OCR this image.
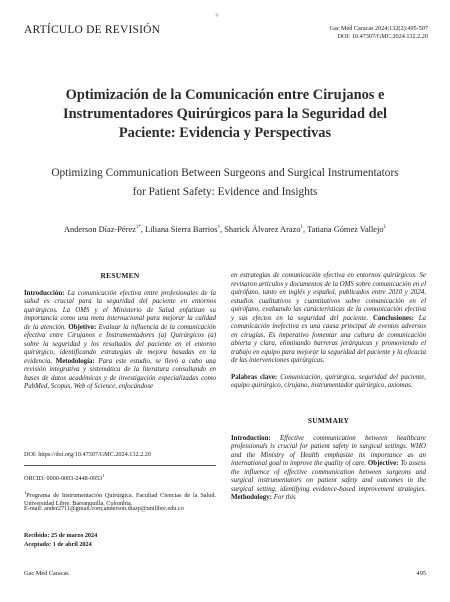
ARTÍCULO DE REVISIÓN
®
Gac Méd Caracas 2024;132(2):495-507
DOI: 10.47307/GMC.2024.132.2.20
Optimización de la Comunicación entre Cirujanos e
Instrumentadores Quirúrgicos para la Seguridad del
Paciente: Evidencia y Perspectivas
Optimizing Communication Between Surgeons and Surgical Instrumentators
for Patient Safety: Evidence and Insights
Anderson Díaz-Pérez$^{1*}$, Liliana Sierra Barrios$^1$, Sharick Álvarez Arazo$^1$, Tatiana Gómez Vallejo$^1$
RESUMEN
Introducción: La comunicación efectiva entre profesionales de la salud es crucial para la seguridad del paciente en entornos quirúrgicos. La OMS y el Ministerio de Salud enfatizan su importancia como una meta internacional para mejorar la calidad de la atención. Objetivo: Evaluar la influencia de la comunicación efectiva entre Cirujanos e Instrumentadores (a) Quirúrgicos (a) sobre la seguridad y los resultados del paciente en el entorno quirúrgico, identificando estrategias de mejora basadas en la evidencia. Metodología: Para este estudio, se llevó a cabo una revisión integrativa y sistemática de la literatura consultando en bases de datos académicas y de investigación especializadas como PubMed, Scopus, Web of Science, enfocándose
DOI: https://doi.org/10.47307/GMC.2024.132.2.20
ORCID: 0000-0003-2448-0953$^1$
$^1$Programa de Instrumentación Quirúrgica. Facultad Ciencias de la Salud. Universidad Libre. Barranquilla, Colombia.
E-mail: ander2711@gmail.com;anderson.diazp@unilibre.edu.co
Recibido: 25 de marzo 2024
Aceptado: 1 de abril 2024
en estrategias de comunicación efectiva en entornos quirúrgicos. Se revisaron artículos y documentos de la OMS sobre comunicación en el quirófano, tanto en inglés y español, publicados entre 2010 y 2024, estudios cualitativos y cuantitativos sobre comunicación en el quirófano, evaluando las características de la comunicación efectiva y sus efectos en la seguridad del paciente. Conclusiones: La comunicación inefectiva es una causa principal de eventos adversos en cirugías. Es imperativo fomentar una cultura de comunicación abierta y clara, eliminando barreras jerárquicas y promoviendo el trabajo en equipo para mejorar la seguridad del paciente y la eficacia de las intervenciones quirúrgicas.
Palabras clave: Comunicación, quirúrgica, seguridad del paciente, equipo quirúrgico, cirujano, instrumentador quirúrgico, axiomas.
SUMMARY
Introduction: Effective communication between healthcare professionals is crucial for patient safety in surgical settings. WHO and the Ministry of Health emphasize its importance as an international goal to improve the quality of care. Objective: To assess the influence of effective communication between surgeons and surgical instrumentators on patient safety and outcomes in the surgical setting, identifying evidence-based improvement strategies. Methodology: For this
Gac Méd Caracas	495
